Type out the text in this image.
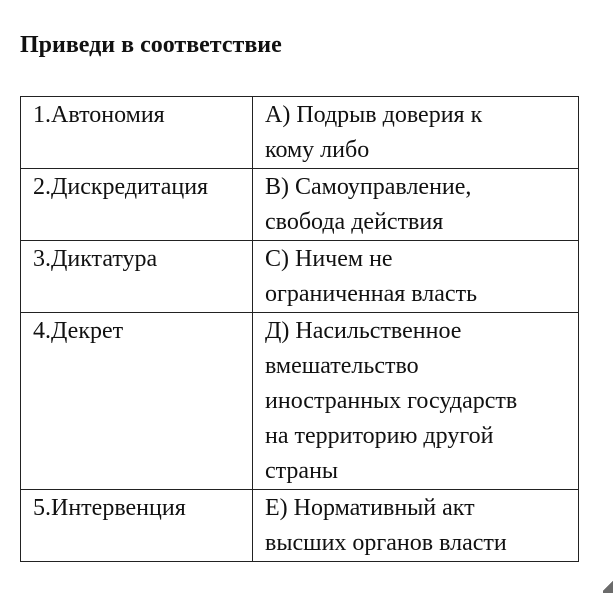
Приведи в соответствие
1.Автономия	А) Подрыв доверия к
кому либо

2.Дискредитация	В) Самоуправление,
свобода действия

3.Диктатура	С) Ничем не
ограниченная власть

4.Декрет	Д) Насильственное
вмешательство
иностранных государств
на территорию другой
страны

5.Интервенция	Е) Нормативный акт
высших органов власти
